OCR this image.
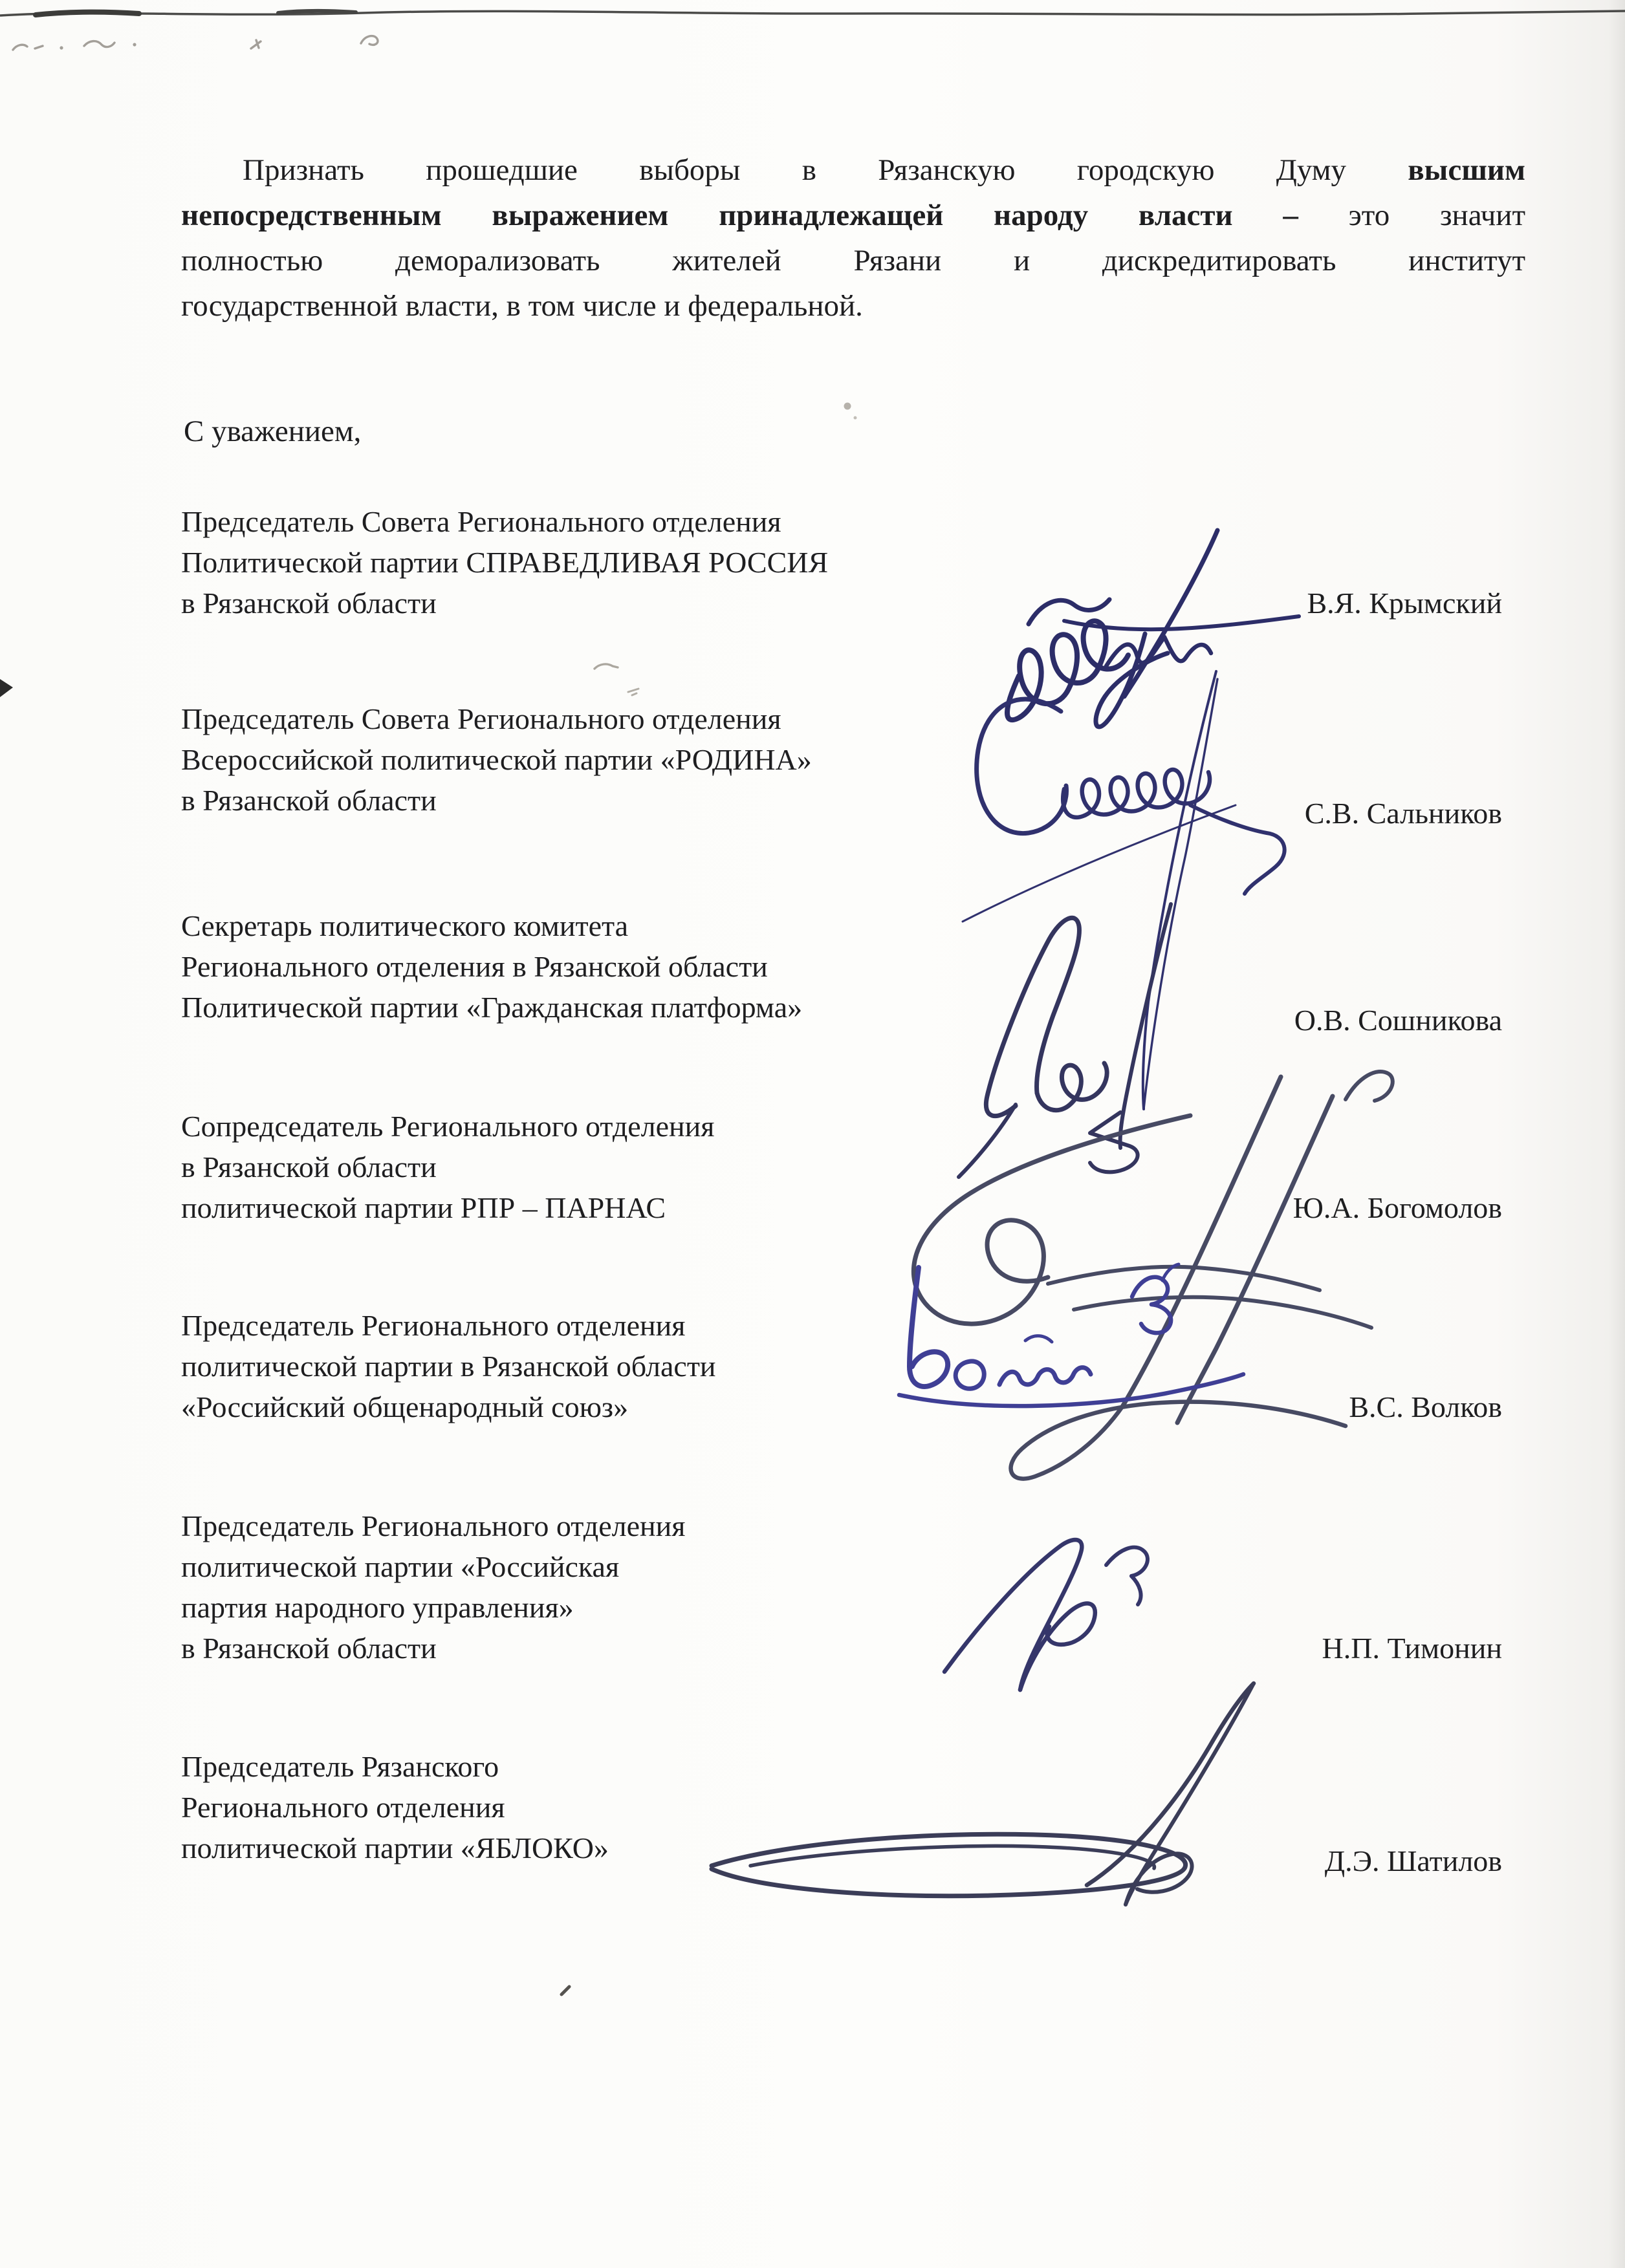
Признать прошедшие выборы в Рязанскую городскую Думу высшим
непосредственным выражением принадлежащей народу власти – это значит
полностью деморализовать жителей Рязани и дискредитировать институт
государственной власти, в том числе и федеральной.
С уважением,
Председатель Совета Регионального отделения
Политической партии СПРАВЕДЛИВАЯ РОССИЯ
в Рязанской области	В.Я. Крымский
Председатель Совета Регионального отделения
Всероссийской политической партии «РОДИНА»
в Рязанской области	С.В. Сальников
Секретарь политического комитета
Регионального отделения в Рязанской области
Политической партии «Гражданская платформа»	О.В. Сошникова
Сопредседатель Регионального отделения
в Рязанской области
политической партии РПР – ПАРНАС	Ю.А. Богомолов
Председатель Регионального отделения
политической партии в Рязанской области
«Российский общенародный союз»	В.С. Волков
Председатель Регионального отделения
политической партии «Российская
партия народного управления»
в Рязанской области	Н.П. Тимонин
Председатель Рязанского
Регионального отделения
политической партии «ЯБЛОКО»	Д.Э. Шатилов
